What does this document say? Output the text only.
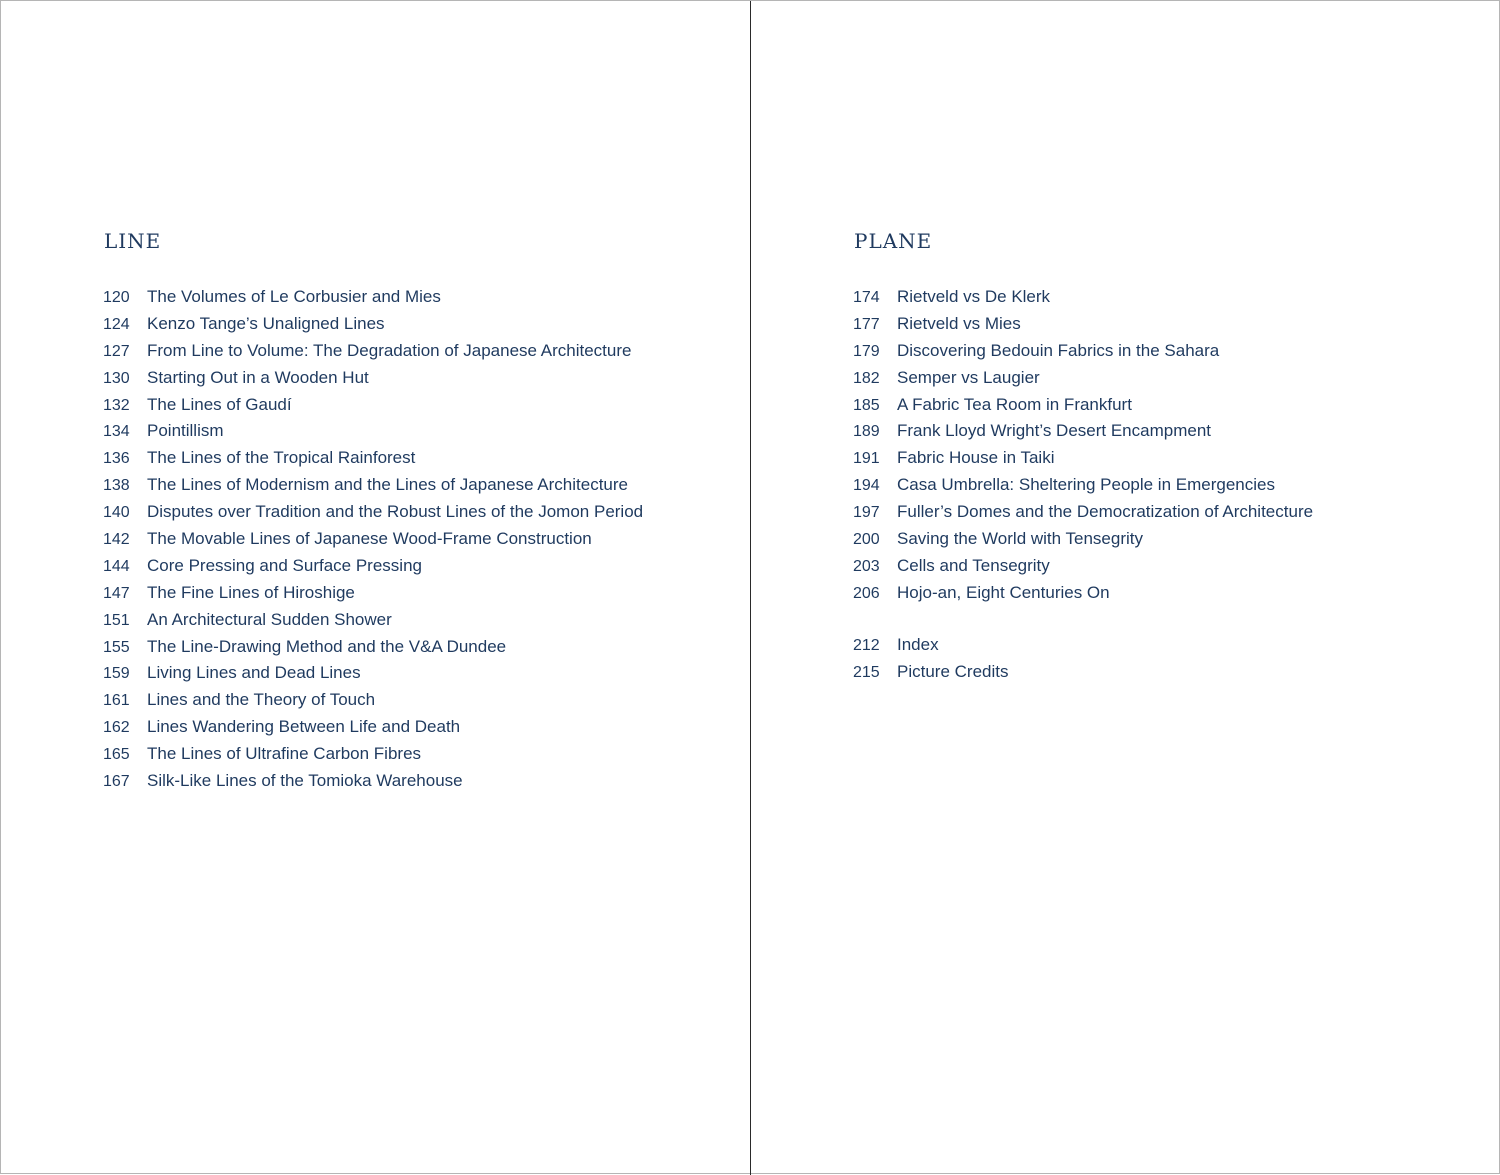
LINE
120	The Volumes of Le Corbusier and Mies
124	Kenzo Tange’s Unaligned Lines
127	From Line to Volume: The Degradation of Japanese Architecture
130	Starting Out in a Wooden Hut
132	The Lines of Gaudí
134	Pointillism
136	The Lines of the Tropical Rainforest
138	The Lines of Modernism and the Lines of Japanese Architecture
140	Disputes over Tradition and the Robust Lines of the Jomon Period
142	The Movable Lines of Japanese Wood-Frame Construction
144	Core Pressing and Surface Pressing
147	The Fine Lines of Hiroshige
151	An Architectural Sudden Shower
155	The Line-Drawing Method and the V&A Dundee
159	Living Lines and Dead Lines
161	Lines and the Theory of Touch
162	Lines Wandering Between Life and Death
165	The Lines of Ultrafine Carbon Fibres
167	Silk-Like Lines of the Tomioka Warehouse
PLANE
174	Rietveld vs De Klerk
177	Rietveld vs Mies
179	Discovering Bedouin Fabrics in the Sahara
182	Semper vs Laugier
185	A Fabric Tea Room in Frankfurt
189	Frank Lloyd Wright’s Desert Encampment
191	Fabric House in Taiki
194	Casa Umbrella: Sheltering People in Emergencies
197	Fuller’s Domes and the Democratization of Architecture
200	Saving the World with Tensegrity
203	Cells and Tensegrity
206	Hojo-an, Eight Centuries On
212	Index
215	Picture Credits
